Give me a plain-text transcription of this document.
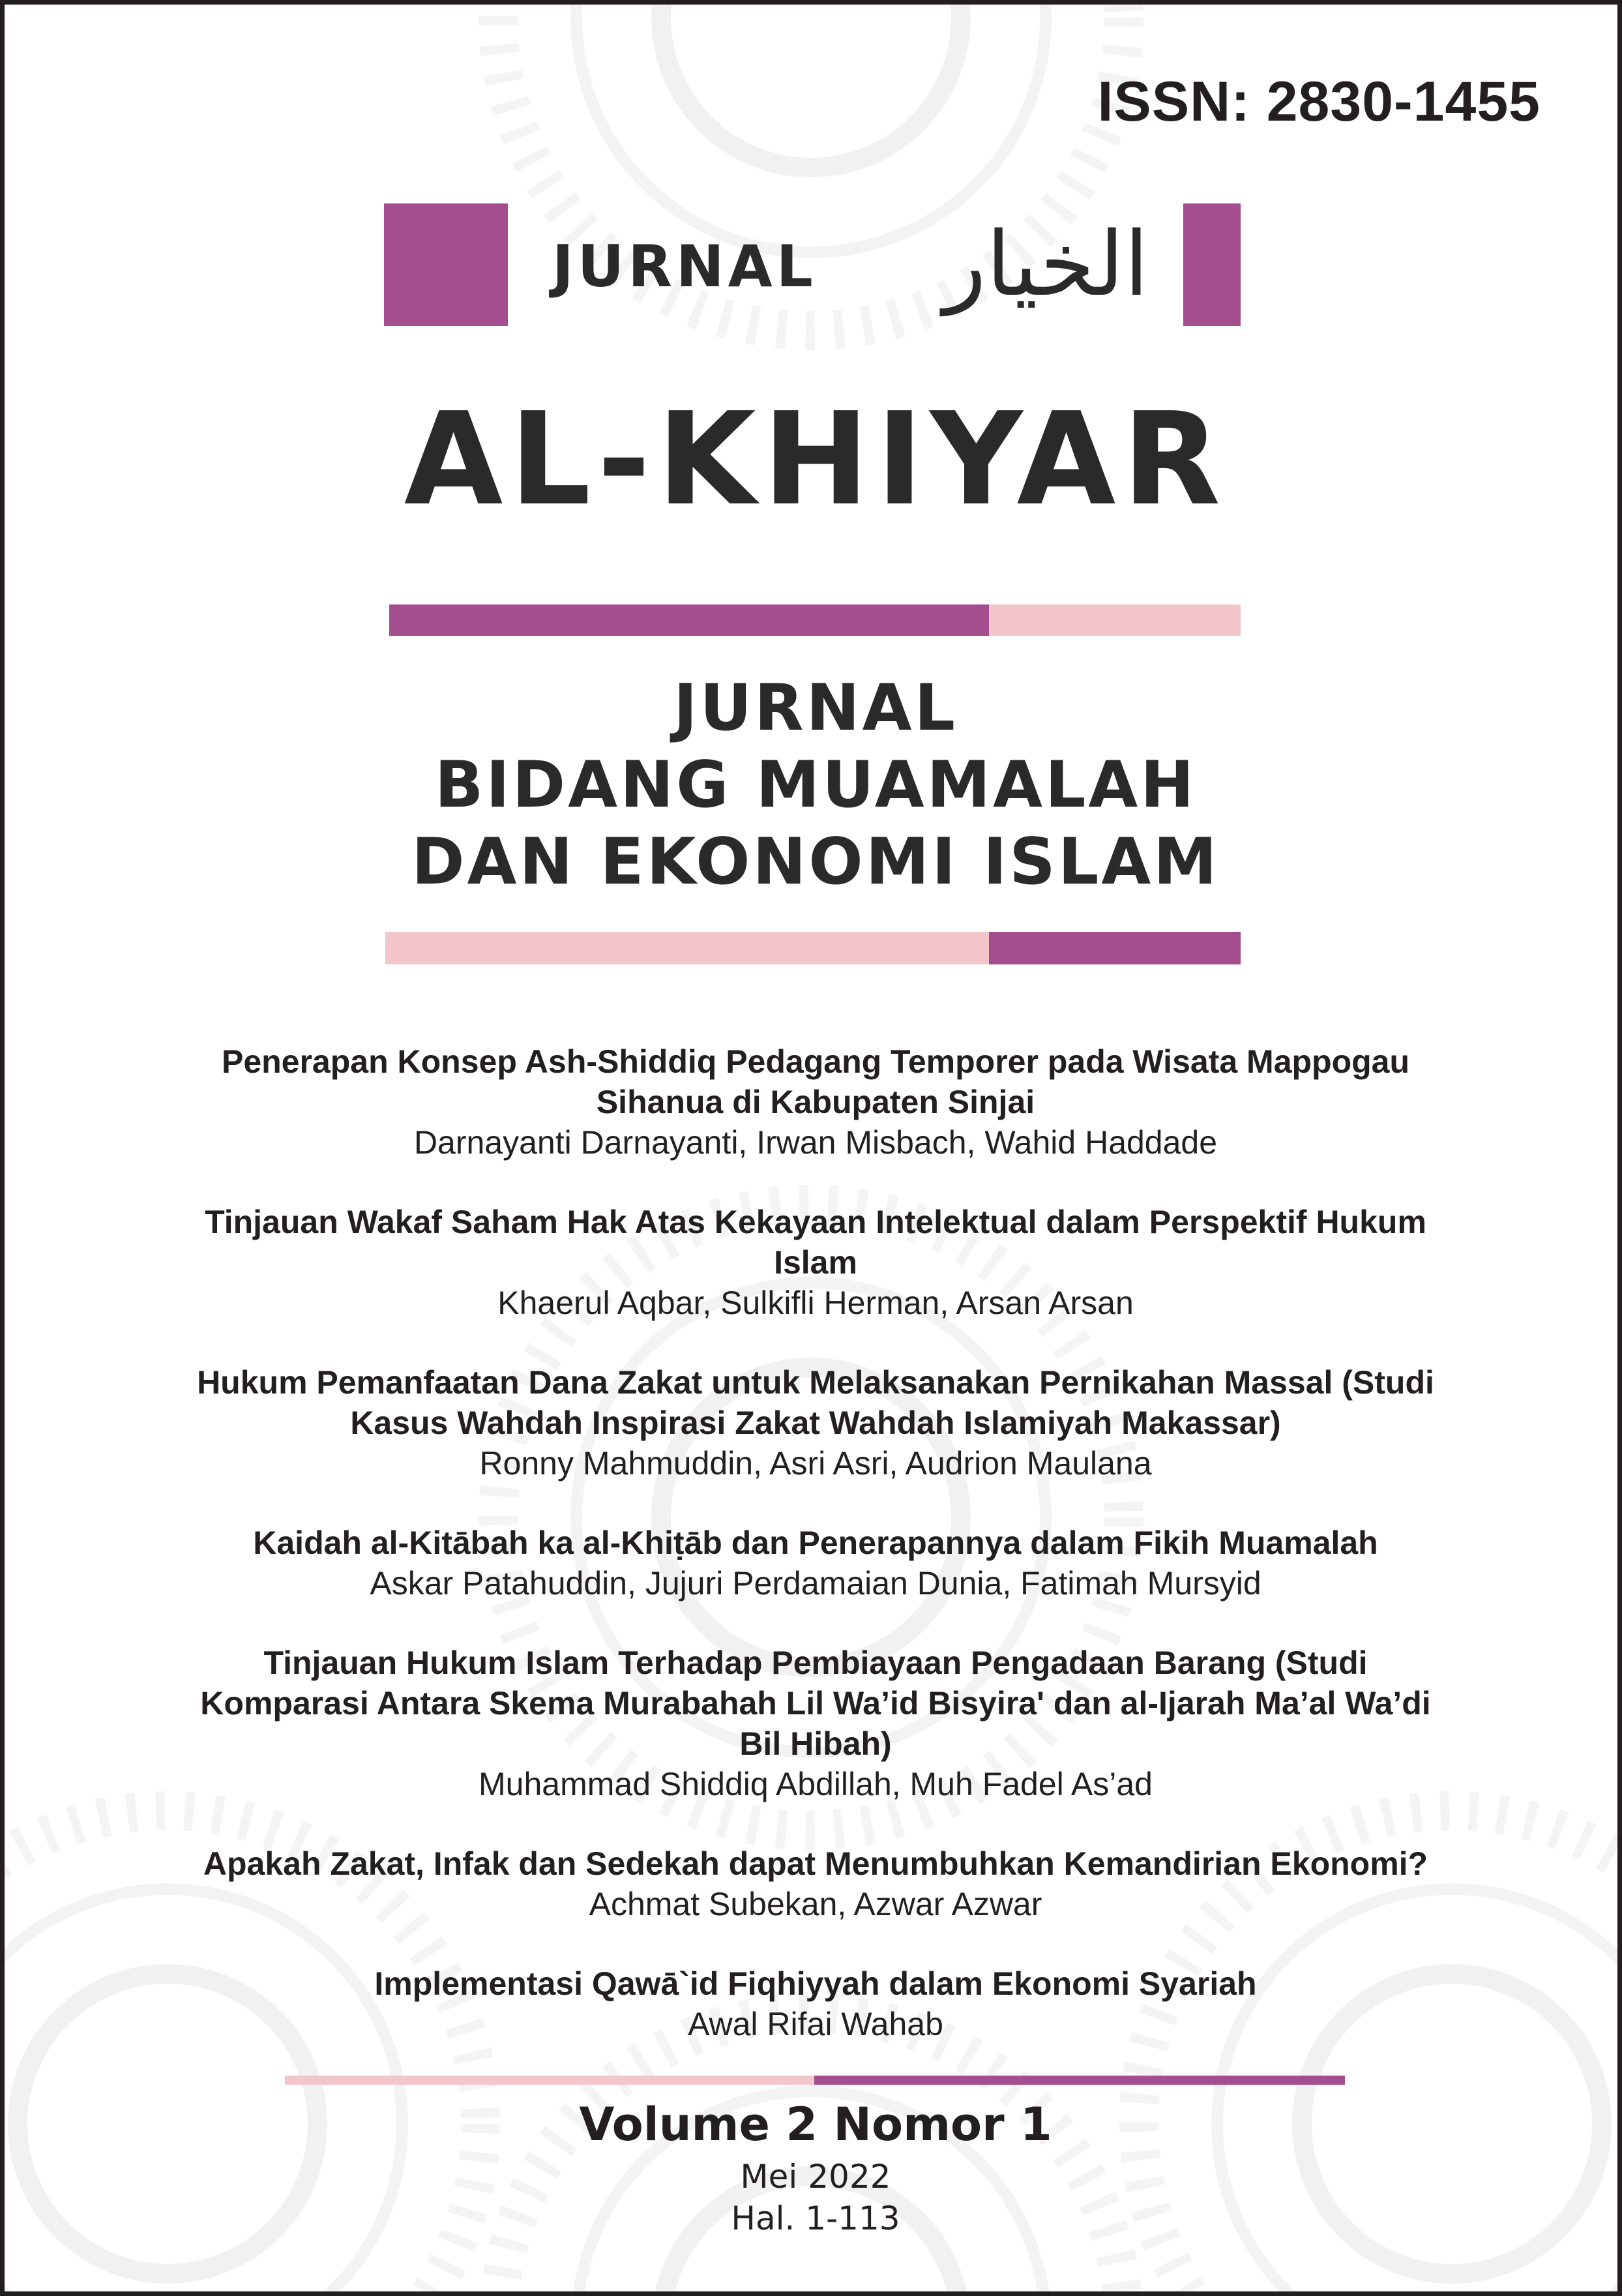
ISSN: 2830-1455
JURNAL الخيار
AL-KHIYAR
JURNAL
BIDANG MUAMALAH
DAN EKONOMI ISLAM
Penerapan Konsep Ash-Shiddiq Pedagang Temporer pada Wisata Mappogau
Sihanua di Kabupaten Sinjai
Darnayanti Darnayanti, Irwan Misbach, Wahid Haddade
Tinjauan Wakaf Saham Hak Atas Kekayaan Intelektual dalam Perspektif Hukum
Islam
Khaerul Aqbar, Sulkifli Herman, Arsan Arsan
Hukum Pemanfaatan Dana Zakat untuk Melaksanakan Pernikahan Massal (Studi
Kasus Wahdah Inspirasi Zakat Wahdah Islamiyah Makassar)
Ronny Mahmuddin, Asri Asri, Audrion Maulana
Kaidah al-Kitābah ka al-Khiṭāb dan Penerapannya dalam Fikih Muamalah
Askar Patahuddin, Jujuri Perdamaian Dunia, Fatimah Mursyid
Tinjauan Hukum Islam Terhadap Pembiayaan Pengadaan Barang (Studi
Komparasi Antara Skema Murabahah Lil Wa’id Bisyira' dan al-Ijarah Ma’al Wa’di
Bil Hibah)
Muhammad Shiddiq Abdillah, Muh Fadel As’ad
Apakah Zakat, Infak dan Sedekah dapat Menumbuhkan Kemandirian Ekonomi?
Achmat Subekan, Azwar Azwar
Implementasi Qawā`id Fiqhiyyah dalam Ekonomi Syariah
Awal Rifai Wahab
Volume 2 Nomor 1
Mei 2022
Hal. 1-113
